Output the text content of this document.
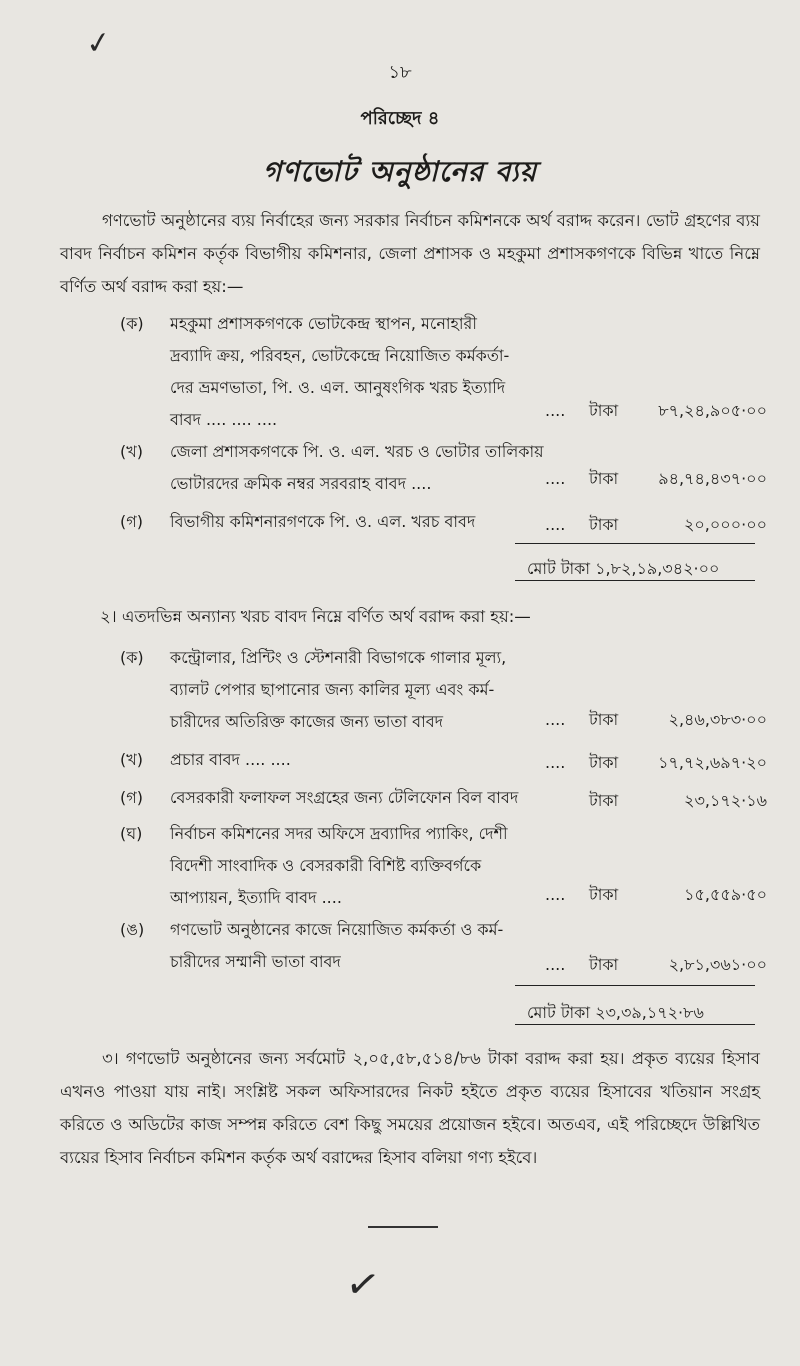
✓
১৮
পরিচ্ছেদ ৪
গণভোট অনুষ্ঠানের ব্যয়
গণভোট অনুষ্ঠানের ব্যয় নির্বাহের জন্য সরকার নির্বাচন কমিশনকে অর্থ বরাদ্দ করেন। ভোট গ্রহণের ব্যয় বাবদ নির্বাচন কমিশন কর্তৃক বিভাগীয় কমিশনার, জেলা প্রশাসক ও মহকুমা প্রশাসকগণকে বিভিন্ন খাতে নিম্নে বর্ণিত অর্থ বরাদ্দ করা হয়:—
(ক)	মহকুমা প্রশাসকগণকে ভোটকেন্দ্র স্থাপন, মনোহারী
দ্রব্যাদি ক্রয়, পরিবহন, ভোটকেন্দ্রে নিয়োজিত কর্মকর্তা-
দের ভ্রমণভাতা, পি. ও. এল. আনুষংগিক খরচ ইত্যাদি
বাবদ .... .... ....	.... টাকা ৮৭,২৪,৯০৫·০০
(খ)	জেলা প্রশাসকগণকে পি. ও. এল. খরচ ও ভোটার তালিকায়
ভোটারদের ক্রমিক নম্বর সরবরাহ বাবদ ....	.... টাকা ৯৪,৭৪,৪৩৭·০০
(গ)	বিভাগীয় কমিশনারগণকে পি. ও. এল. খরচ বাবদ	.... টাকা	২০,০০০·০০
মোট টাকা ১,৮২,১৯,৩৪২·০০
২। এতদভিন্ন অন্যান্য খরচ বাবদ নিম্নে বর্ণিত অর্থ বরাদ্দ করা হয়:—
(ক)	কন্ট্রোলার, প্রিন্টিং ও স্টেশনারী বিভাগকে গালার মূল্য,
ব্যালট পেপার ছাপানোর জন্য কালির মূল্য এবং কর্ম-
চারীদের অতিরিক্ত কাজের জন্য ভাতা বাবদ	.... টাকা	২,৪৬,৩৮৩·০০
(খ)	প্রচার বাবদ .... ....	.... টাকা ১৭,৭২,৬৯৭·২০
(গ)	বেসরকারী ফলাফল সংগ্রহের জন্য টেলিফোন বিল বাবদ	টাকা	২৩,১৭২·১৬
(ঘ)	নির্বাচন কমিশনের সদর অফিসে দ্রব্যাদির প্যাকিং, দেশী
বিদেশী সাংবাদিক ও বেসরকারী বিশিষ্ট ব্যক্তিবর্গকে
আপ্যায়ন, ইত্যাদি বাবদ ....	.... টাকা	১৫,৫৫৯·৫০
(ঙ)	গণভোট অনুষ্ঠানের কাজে নিয়োজিত কর্মকর্তা ও কর্ম-
চারীদের সম্মানী ভাতা বাবদ	.... টাকা	২,৮১,৩৬১·০০
মোট টাকা ২৩,৩৯,১৭২·৮৬
৩। গণভোট অনুষ্ঠানের জন্য সর্বমোট ২,০৫,৫৮,৫১৪/৮৬ টাকা বরাদ্দ করা হয়। প্রকৃত ব্যয়ের হিসাব এখনও পাওয়া যায় নাই। সংশ্লিষ্ট সকল অফিসারদের নিকট হইতে প্রকৃত ব্যয়ের হিসাবের খতিয়ান সংগ্রহ করিতে ও অডিটের কাজ সম্পন্ন করিতে বেশ কিছু সময়ের প্রয়োজন হইবে। অতএব, এই পরিচ্ছেদে উল্লিখিত ব্যয়ের হিসাব নির্বাচন কমিশন কর্তৃক অর্থ বরাদ্দের হিসাব বলিয়া গণ্য হইবে।
✓
